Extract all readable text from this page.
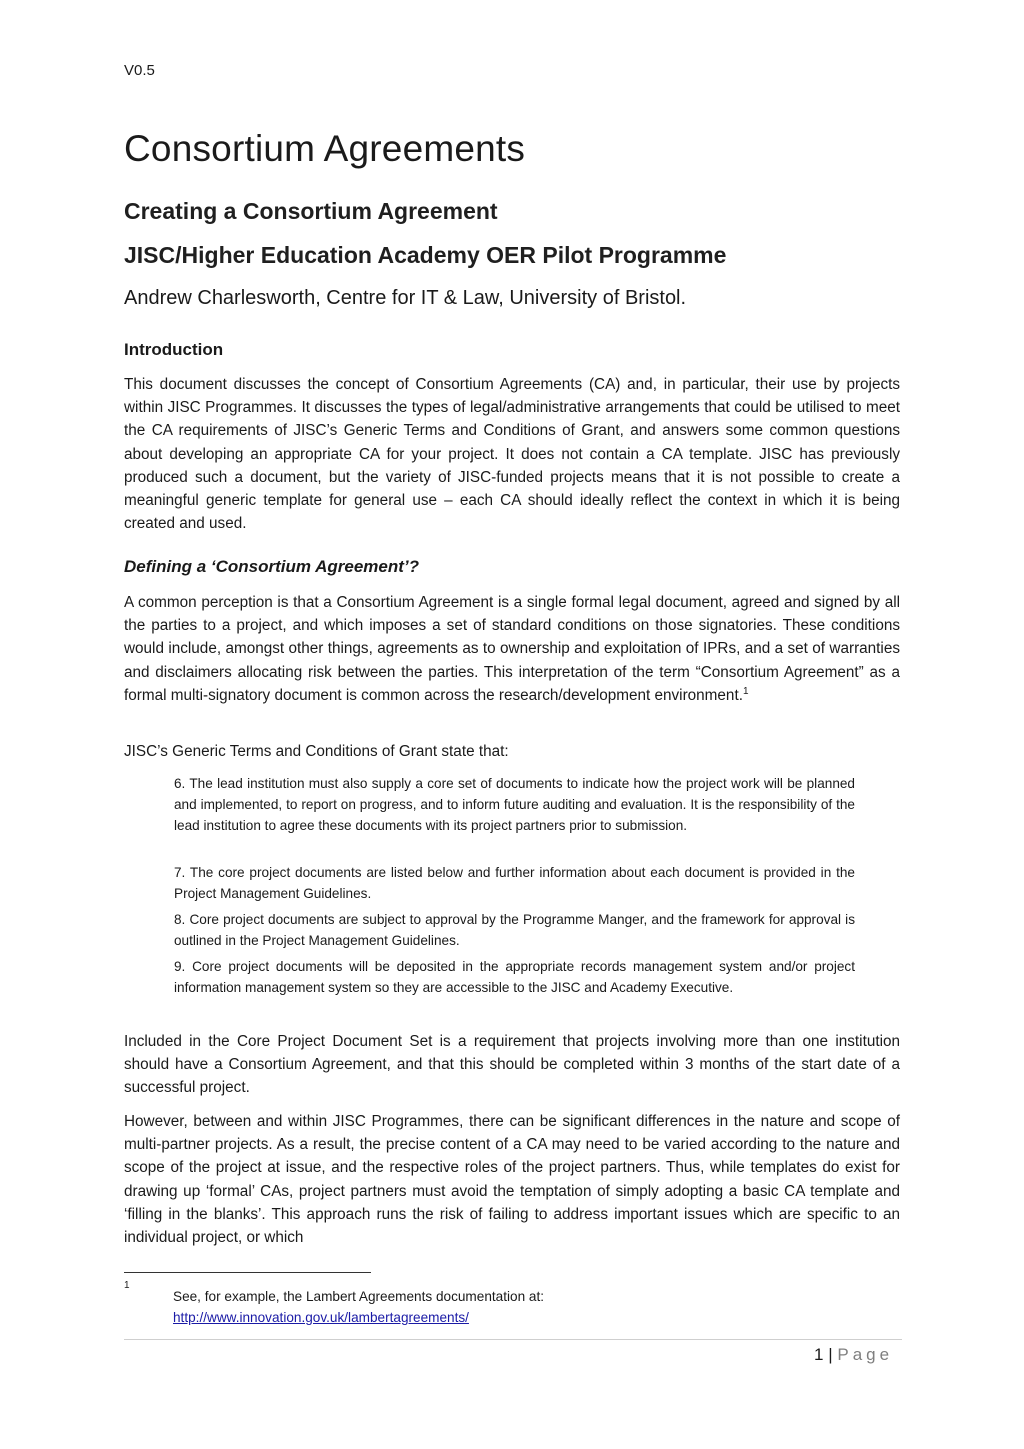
V0.5
Consortium Agreements
Creating a Consortium Agreement
JISC/Higher Education Academy OER Pilot Programme
Andrew Charlesworth, Centre for IT & Law, University of Bristol.
Introduction

This document discusses the concept of Consortium Agreements (CA) and, in particular, their use by projects within JISC Programmes. It discusses the types of legal/administrative arrangements that could be utilised to meet the CA requirements of JISC’s Generic Terms and Conditions of Grant, and answers some common questions about developing an appropriate CA for your project. It does not contain a CA template. JISC has previously produced such a document, but the variety of JISC-funded projects means that it is not possible to create a meaningful generic template for general use – each CA should ideally reflect the context in which it is being created and used.

Defining a ‘Consortium Agreement’?

A common perception is that a Consortium Agreement is a single formal legal document, agreed and signed by all the parties to a project, and which imposes a set of standard conditions on those signatories. These conditions would include, amongst other things, agreements as to ownership and exploitation of IPRs, and a set of warranties and disclaimers allocating risk between the parties. This interpretation of the term “Consortium Agreement” as a formal multi-signatory document is common across the research/development environment.$^1$

JISC’s Generic Terms and Conditions of Grant state that:

6. The lead institution must also supply a core set of documents to indicate how the project work will be planned and implemented, to report on progress, and to inform future auditing and evaluation. It is the responsibility of the lead institution to agree these documents with its project partners prior to submission.

7. The core project documents are listed below and further information about each document is provided in the Project Management Guidelines.

8. Core project documents are subject to approval by the Programme Manger, and the framework for approval is outlined in the Project Management Guidelines.

9. Core project documents will be deposited in the appropriate records management system and/or project information management system so they are accessible to the JISC and Academy Executive.

Included in the Core Project Document Set is a requirement that projects involving more than one institution should have a Consortium Agreement, and that this should be completed within 3 months of the start date of a successful project.

However, between and within JISC Programmes, there can be significant differences in the nature and scope of multi-partner projects. As a result, the precise content of a CA may need to be varied according to the nature and scope of the project at issue, and the respective roles of the project partners. Thus, while templates do exist for drawing up ‘formal’ CAs, project partners must avoid the temptation of simply adopting a basic CA template and ‘filling in the blanks’. This approach runs the risk of failing to address important issues which are specific to an individual project, or which

1
See, for example, the Lambert Agreements documentation at:
http://www.innovation.gov.uk/lambertagreements/
1 | Page
